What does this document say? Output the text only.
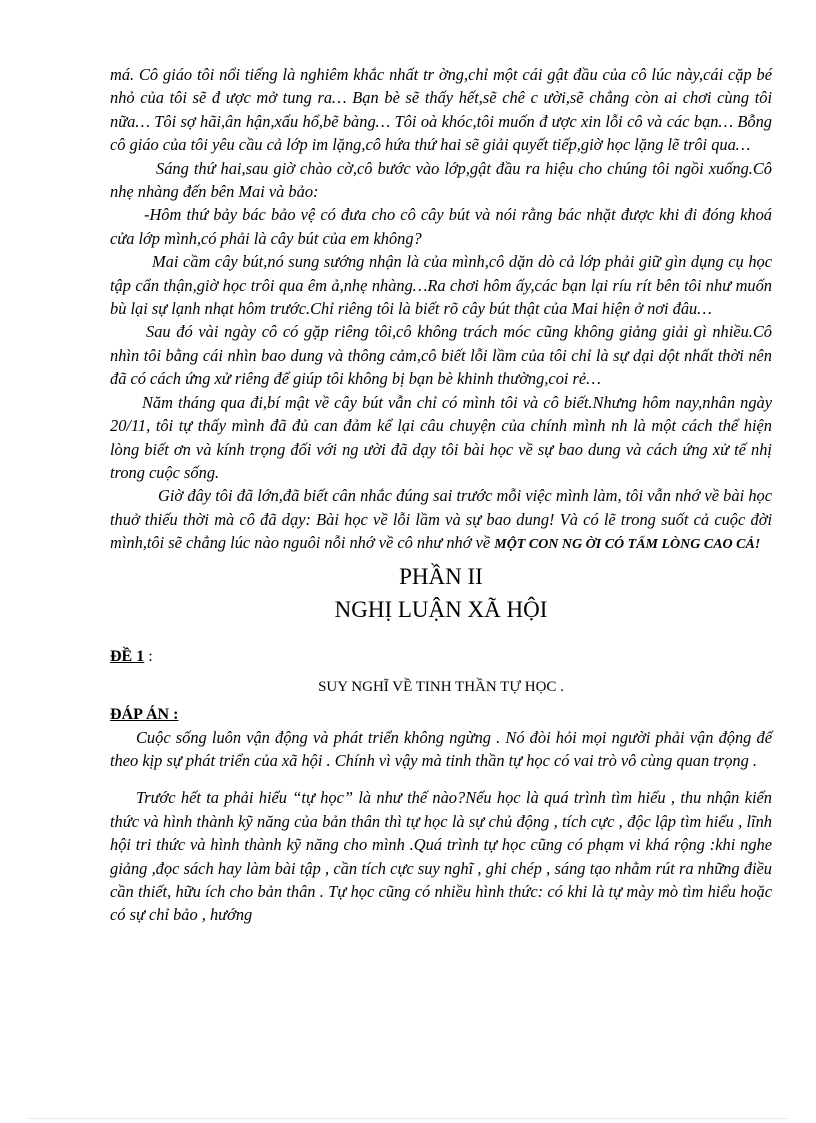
má. Cô giáo tôi nổi tiếng là nghiêm khắc nhất tr ờng,chỉ một cái gật đầu của cô lúc này,cái cặp bé nhỏ của tôi sẽ đ ược mở tung ra… Bạn bè sẽ thấy hết,sẽ chê c ười,sẽ chẳng còn ai chơi cùng tôi nữa… Tôi sợ hãi,ân hận,xấu hổ,bẽ bàng… Tôi oà khóc,tôi muốn đ ược xin lỗi cô và các bạn… Bỗng cô giáo của tôi yêu cầu cả lớp im lặng,cô hứa thứ hai sẽ giải quyết tiếp,giờ học lặng lẽ trôi qua…

Sáng thứ hai,sau giờ chào cờ,cô bước vào lớp,gật đầu ra hiệu cho chúng tôi ngồi xuống.Cô nhẹ nhàng đến bên Mai và bảo:

-Hôm thứ bảy bác bảo vệ có đưa cho cô cây bút và nói rằng bác nhặt được khi đi đóng khoá cửa lớp mình,có phải là cây bút của em không?

Mai cầm cây bút,nó sung sướng nhận là của mình,cô dặn dò cả lớp phải giữ gìn dụng cụ học tập cẩn thận,giờ học trôi qua êm ả,nhẹ nhàng…Ra chơi hôm ấy,các bạn lại ríu rít bên tôi như muốn bù lại sự lạnh nhạt hôm trước.Chỉ riêng tôi là biết rõ cây bút thật của Mai hiện ở nơi đâu…

Sau đó vài ngày cô có gặp riêng tôi,cô không trách móc cũng không giảng giải gì nhiều.Cô nhìn tôi bằng cái nhìn bao dung và thông cảm,cô biết lỗi lầm của tôi chỉ là sự dại dột nhất thời nên đã có cách ứng xử riêng để giúp tôi không bị bạn bè khinh thường,coi rẻ…

Năm tháng qua đi,bí mật về cây bút vẫn chỉ có mình tôi và cô biết.Nhưng hôm nay,nhân ngày 20/11, tôi tự thấy mình đã đủ can đảm kể lại câu chuyện của chính mình nh là một cách thể hiện lòng biết ơn và kính trọng đối với ng ười đã dạy tôi bài học về sự bao dung và cách ứng xử tế nhị trong cuộc sống.

Giờ đây tôi đã lớn,đã biết cân nhắc đúng sai trước mỗi việc mình làm, tôi vẫn nhớ về bài học thuở thiếu thời mà cô đã dạy: Bài học về lỗi lầm và sự bao dung! Và có lẽ trong suốt cả cuộc đời mình,tôi sẽ chẳng lúc nào nguôi nỗi nhớ về cô như nhớ về MỘT CON NG ỜI CÓ TẤM LÒNG CAO CẢ!

PHẦN II

NGHỊ LUẬN XÃ HỘI

ĐỀ 1 :

SUY NGHĨ VỀ TINH THẦN TỰ HỌC .

ĐÁP ÁN :

Cuộc sống luôn vận động và phát triển không ngừng . Nó đòi hỏi mọi người phải vận động để theo kịp sự phát triển của xã hội . Chính vì vậy mà tinh thần tự học có vai trò vô cùng quan trọng .

Trước hết ta phải hiểu “tự học” là như thế nào?Nếu học là quá trình tìm hiểu , thu nhận kiến thức và hình thành kỹ năng của bản thân thì tự học là sự chủ động , tích cực , độc lập tìm hiểu , lĩnh hội tri thức và hình thành kỹ năng cho mình .Quá trình tự học cũng có phạm vi khá rộng :khi nghe giảng ,đọc sách hay làm bài tập , cần tích cực suy nghĩ , ghi chép , sáng tạo nhằm rút ra những điều cần thiết, hữu ích cho bản thân . Tự học cũng có nhiều hình thức: có khi là tự mày mò tìm hiểu hoặc có sự chỉ bảo , hướng
